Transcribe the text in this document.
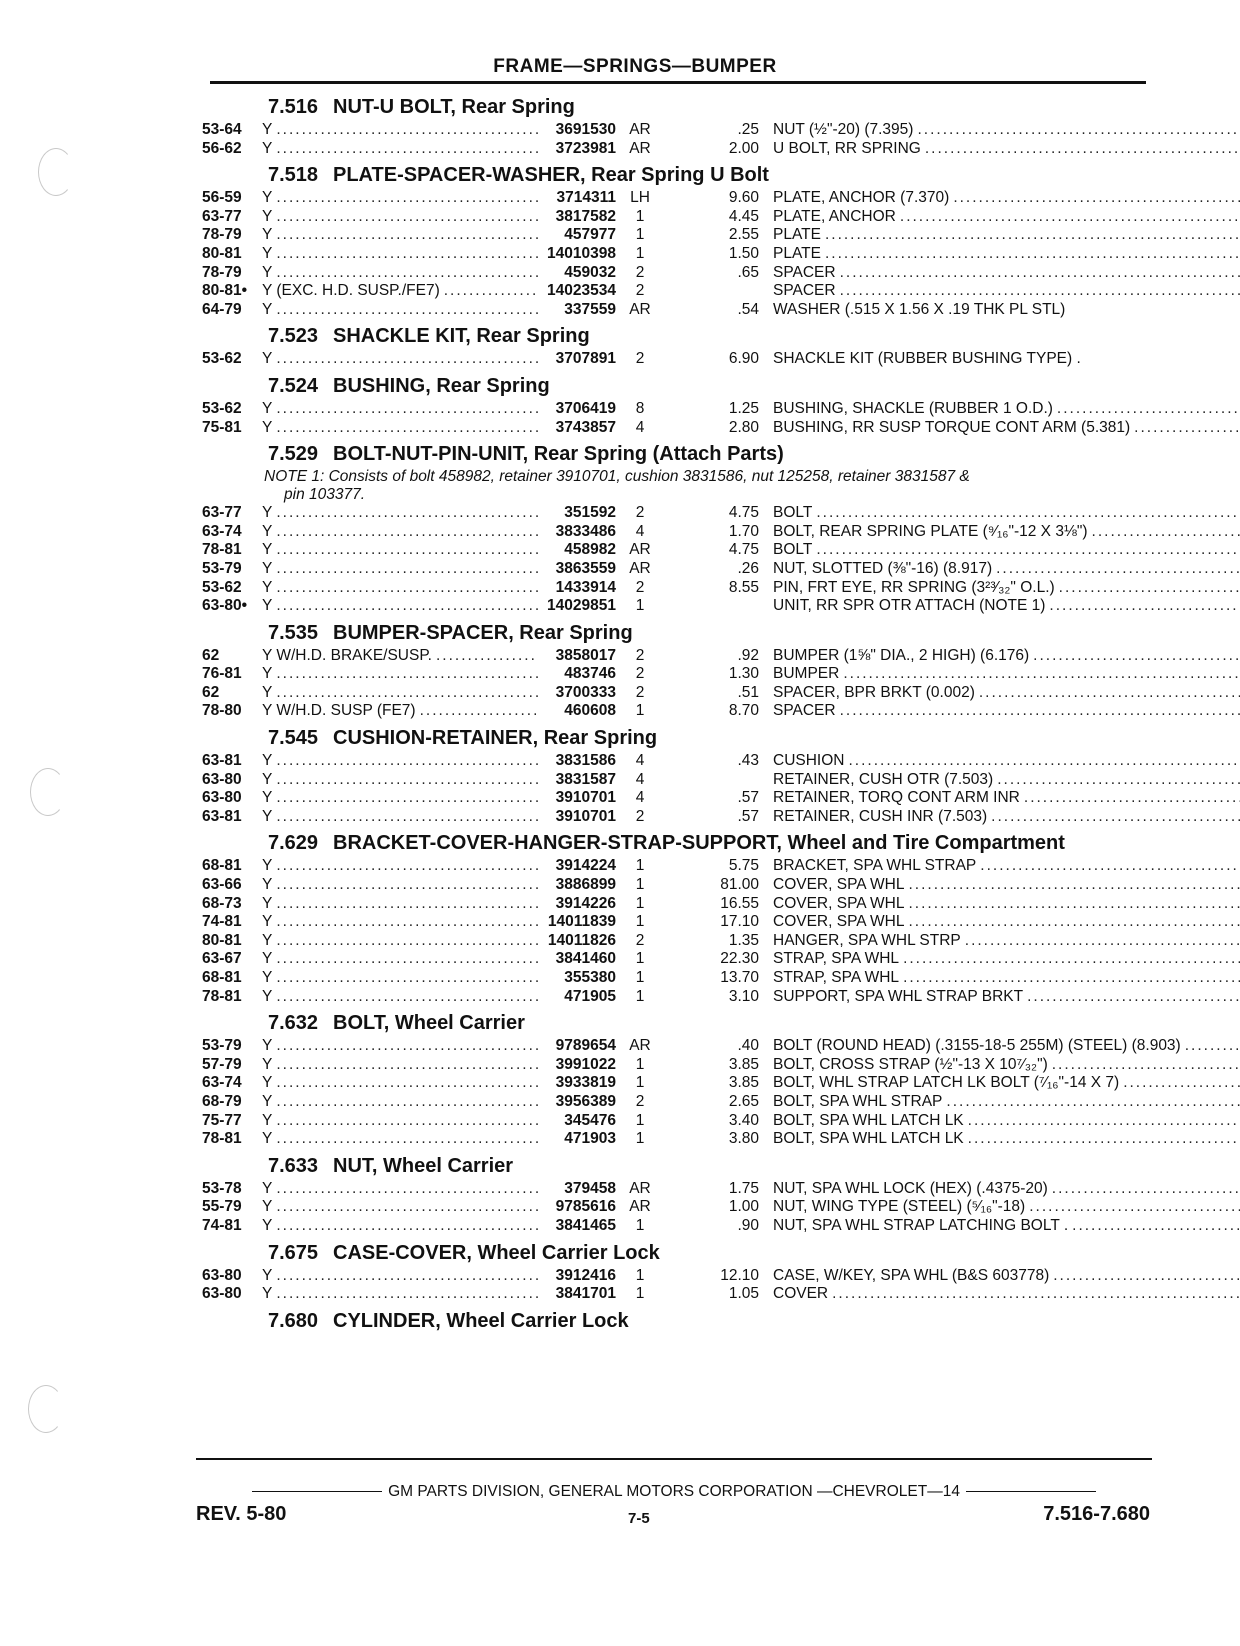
FRAME—SPRINGS—BUMPER
7.516 NUT-U BOLT, Rear Spring
53-64	Y .....	3691530 AR	.25 NUT (½"-20) (7.395)
.....
56-62	Y .....	3723981 AR	2.00 U BOLT, RR SPRING
.....
7.518 PLATE-SPACER-WASHER, Rear Spring U Bolt
56-59	Y .....	3714311 LH	9.60 PLATE, ANCHOR (7.370)
.....
63-77	Y .....	3817582	1	4.45 PLATE, ANCHOR
.....
78-79	Y .....	457977	1	2.55 PLATE
.....
80-81	Y .....	14010398	1	1.50 PLATE
.....
78-79	Y .....	459032	2	.65 SPACER
.....
80-81• Y (EXC. H.D. SUSP./FE7) .....	14023534	2	SPACER
.....
64-79	Y .....	337559 AR	.54 WASHER (.515 X 1.56 X .19 THK PL STL)
7.523 SHACKLE KIT, Rear Spring
53-62	Y .....	3707891	2	6.90 SHACKLE KIT (RUBBER BUSHING TYPE) .
7.524 BUSHING, Rear Spring
53-62	Y .....	3706419	8	1.25 BUSHING, SHACKLE (RUBBER 1 O.D.)
.....
75-81	Y .....	3743857	4	2.80 BUSHING, RR SUSP TORQUE CONT ARM (5.381)
.....
7.529 BOLT-NUT-PIN-UNIT, Rear Spring (Attach Parts)
NOTE 1: Consists of bolt 458982, retainer 3910701, cushion 3831586, nut 125258, retainer 3831587 &
pin 103377.
63-77	Y .....	351592	2	4.75 BOLT
.....
63-74	Y .....	3833486	4	1.70 BOLT, REAR SPRING PLATE (⁹⁄₁₆"-12 X 3⅛")
.....
78-81	Y .....	458982 AR	4.75 BOLT
.....
53-79	Y .....	3863559 AR	.26 NUT, SLOTTED (⅜"-16) (8.917)
.....
53-62	Y .....	1433914	2	8.55 PIN, FRT EYE, RR SPRING (3²³⁄₃₂" O.L.)
.....
63-80• Y .....	14029851	1	UNIT, RR SPR OTR ATTACH (NOTE 1)
.....
7.535 BUMPER-SPACER, Rear Spring
62	Y W/H.D. BRAKE/SUSP. .....	3858017	2	.92 BUMPER (1⅝" DIA., 2 HIGH) (6.176)
.....
76-81	Y .....	483746	2	1.30 BUMPER
.....
62	Y .....	3700333	2	.51 SPACER, BPR BRKT (0.002)
.....
78-80	Y W/H.D. SUSP (FE7) .....	460608	1	8.70 SPACER
.....
7.545 CUSHION-RETAINER, Rear Spring
63-81	Y .....	3831586	4	.43 CUSHION
.....
63-80	Y .....	3831587	4	RETAINER, CUSH OTR (7.503)
.....
63-80	Y .....	3910701	4	.57 RETAINER, TORQ CONT ARM INR
.....
63-81	Y .....	3910701	2	.57 RETAINER, CUSH INR (7.503)
.....
7.629 BRACKET-COVER-HANGER-STRAP-SUPPORT, Wheel and Tire Compartment
68-81	Y .....	3914224	1	5.75 BRACKET, SPA WHL STRAP
.....
63-66	Y .....	3886899	1	81.00 COVER, SPA WHL
.....
68-73	Y .....	3914226	1	16.55 COVER, SPA WHL
.....
74-81	Y .....	14011839	1	17.10 COVER, SPA WHL
.....
80-81	Y .....	14011826	2	1.35 HANGER, SPA WHL STRP
.....
63-67	Y .....	3841460	1	22.30 STRAP, SPA WHL
.....
68-81	Y .....	355380	1	13.70 STRAP, SPA WHL
.....
78-81	Y .....	471905	1	3.10 SUPPORT, SPA WHL STRAP BRKT
.....
7.632 BOLT, Wheel Carrier
53-79	Y .....	9789654 AR	.40 BOLT (ROUND HEAD) (.3155-18-5 255M) (STEEL) (8.903)
.....
57-79	Y .....	3991022	1	3.85 BOLT, CROSS STRAP (½"-13 X 10⁷⁄₃₂")
.....
63-74	Y .....	3933819	1	3.85 BOLT, WHL STRAP LATCH LK BOLT (⁷⁄₁₆"-14 X 7)
.....
68-79	Y .....	3956389	2	2.65 BOLT, SPA WHL STRAP
.....
75-77	Y .....	345476	1	3.40 BOLT, SPA WHL LATCH LK
.....
78-81	Y .....	471903	1	3.80 BOLT, SPA WHL LATCH LK
.....
7.633 NUT, Wheel Carrier
53-78	Y .....	379458 AR	1.75 NUT, SPA WHL LOCK (HEX) (.4375-20)
.....
55-79	Y .....	9785616 AR	1.00 NUT, WING TYPE (STEEL) (⁵⁄₁₆"-18)
.....
74-81	Y .....	3841465	1	.90 NUT, SPA WHL STRAP LATCHING BOLT .
.....
7.675 CASE-COVER, Wheel Carrier Lock
63-80	Y .....	3912416	1	12.10 CASE, W/KEY, SPA WHL (B&S 603778)
.....
63-80	Y .....	3841701	1	1.05 COVER
.....
7.680 CYLINDER, Wheel Carrier Lock
GM PARTS DIVISION, GENERAL MOTORS CORPORATION —CHEVROLET—14
REV. 5-80	7-5	7.516-7.680
